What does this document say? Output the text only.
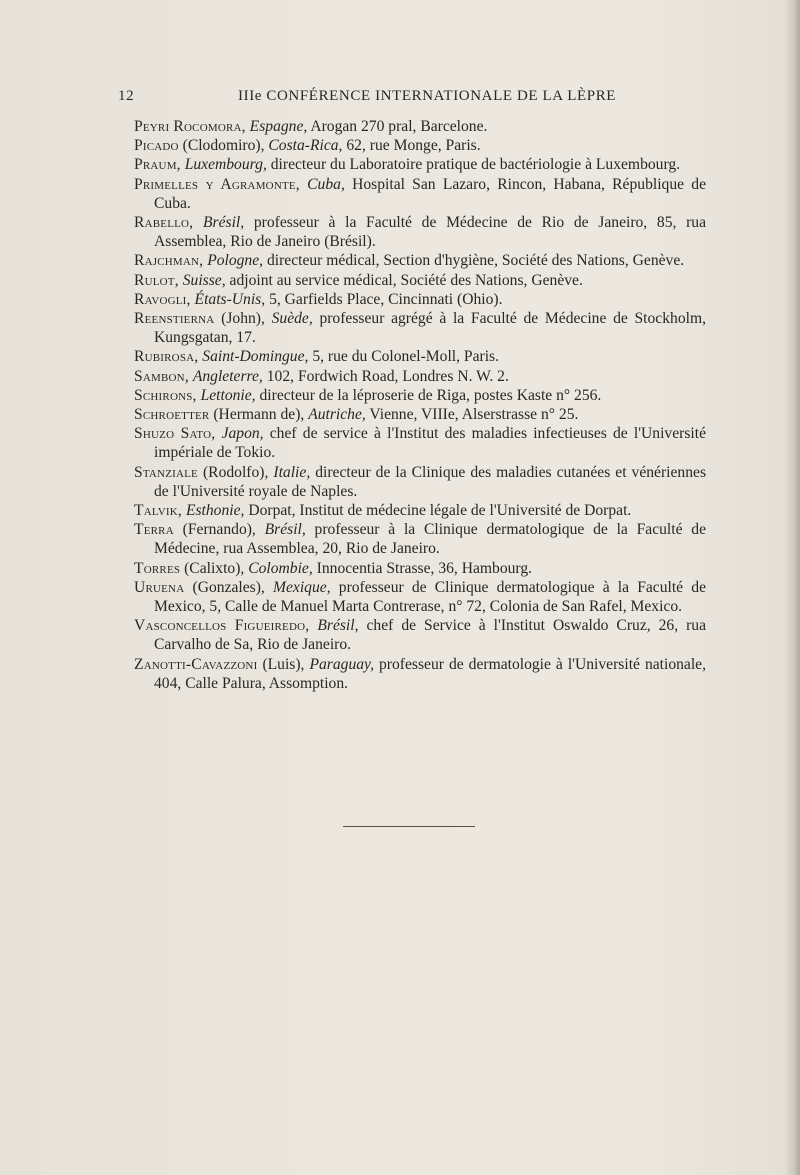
12	IIIe CONFÉRENCE INTERNATIONALE DE LA LÈPRE

Peyri Rocomora, Espagne, Arogan 270 pral, Barcelone.

Picado (Clodomiro), Costa-Rica, 62, rue Monge, Paris.

Praum, Luxembourg, directeur du Laboratoire pratique de bactériologie à Luxembourg.

Primelles y Agramonte, Cuba, Hospital San Lazaro, Rincon, Habana, République de Cuba.

Rabello, Brésil, professeur à la Faculté de Médecine de Rio de Janeiro, 85, rua Assemblea, Rio de Janeiro (Brésil).

Rajchman, Pologne, directeur médical, Section d'hygiène, Société des Nations, Genève.

Rulot, Suisse, adjoint au service médical, Société des Nations, Genève.

Ravogli, États-Unis, 5, Garfields Place, Cincinnati (Ohio).

Reenstierna (John), Suède, professeur agrégé à la Faculté de Médecine de Stockholm, Kungsgatan, 17.

Rubirosa, Saint-Domingue, 5, rue du Colonel-Moll, Paris.

Sambon, Angleterre, 102, Fordwich Road, Londres N. W. 2.

Schirons, Lettonie, directeur de la léproserie de Riga, postes Kaste n° 256.

Schroetter (Hermann de), Autriche, Vienne, VIIIe, Alserstrasse n° 25.

Shuzo Sato, Japon, chef de service à l'Institut des maladies infectieuses de l'Université impériale de Tokio.

Stanziale (Rodolfo), Italie, directeur de la Clinique des maladies cutanées et vénériennes de l'Université royale de Naples.

Talvik, Esthonie, Dorpat, Institut de médecine légale de l'Université de Dorpat.

Terra (Fernando), Brésil, professeur à la Clinique dermatologique de la Faculté de Médecine, rua Assemblea, 20, Rio de Janeiro.

Torres (Calixto), Colombie, Innocentia Strasse, 36, Hambourg.

Uruena (Gonzales), Mexique, professeur de Clinique dermatologique à la Faculté de Mexico, 5, Calle de Manuel Marta Contrerase, n° 72, Colonia de San Rafel, Mexico.

Vasconcellos Figueiredo, Brésil, chef de Service à l'Institut Oswaldo Cruz, 26, rua Carvalho de Sa, Rio de Janeiro.

Zanotti-Cavazzoni (Luis), Paraguay, professeur de dermatologie à l'Université nationale, 404, Calle Palura, Assomption.
